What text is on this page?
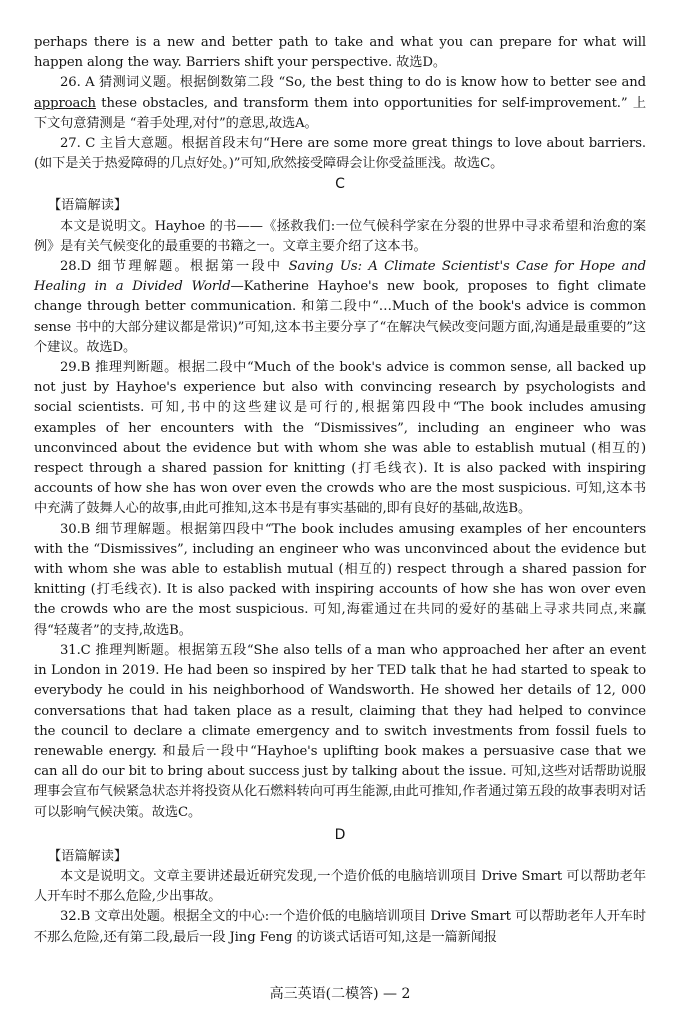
perhaps there is a new and better path to take and what you can prepare for what will happen along the way. Barriers shift your perspective. 故选D。

26. A 猜测词义题。根据倒数第二段 “So, the best thing to do is know how to better see and approach these obstacles, and transform them into opportunities for self-improvement.” 上下文句意猜测是 “着手处理,对付”的意思,故选A。

27. C 主旨大意题。根据首段末句“Here are some more great things to love about barriers.(如下是关于热爱障碍的几点好处。)”可知,欣然接受障碍会让你受益匪浅。故选C。

C
【语篇解读】

本文是说明文。Hayhoe 的书——《拯救我们:一位气候科学家在分裂的世界中寻求希望和治愈的案例》是有关气候变化的最重要的书籍之一。文章主要介绍了这本书。

28.D 细节理解题。根据第一段中 Saving Us: A Climate Scientist's Case for Hope and Healing in a Divided World—Katherine Hayhoe's new book, proposes to fight climate change through better communication. 和第二段中“…Much of the book's advice is common sense 书中的大部分建议都是常识)”可知,这本书主要分享了“在解决气候改变问题方面,沟通是最重要的”这个建议。故选D。

29.B 推理判断题。根据二段中“Much of the book's advice is common sense, all backed up not just by Hayhoe's experience but also with convincing research by psychologists and social scientists. 可知,书中的这些建议是可行的,根据第四段中“The book includes amusing examples of her encounters with the “Dismissives”, including an engineer who was unconvinced about the evidence but with whom she was able to establish mutual (相互的) respect through a shared passion for knitting (打毛线衣). It is also packed with inspiring accounts of how she has won over even the crowds who are the most suspicious. 可知,这本书中充满了鼓舞人心的故事,由此可推知,这本书是有事实基础的,即有良好的基础,故选B。

30.B 细节理解题。根据第四段中“The book includes amusing examples of her encounters with the “Dismissives”, including an engineer who was unconvinced about the evidence but with whom she was able to establish mutual (相互的) respect through a shared passion for knitting (打毛线衣). It is also packed with inspiring accounts of how she has won over even the crowds who are the most suspicious. 可知,海霍通过在共同的爱好的基础上寻求共同点,来赢得“轻蔑者”的支持,故选B。

31.C 推理判断题。根据第五段“She also tells of a man who approached her after an event in London in 2019. He had been so inspired by her TED talk that he had started to speak to everybody he could in his neighborhood of Wandsworth. He showed her details of 12, 000 conversations that had taken place as a result, claiming that they had helped to convince the council to declare a climate emergency and to switch investments from fossil fuels to renewable energy. 和最后一段中“Hayhoe's uplifting book makes a persuasive case that we can all do our bit to bring about success just by talking about the issue. 可知,这些对话帮助说服理事会宣布气候紧急状态并将投资从化石燃料转向可再生能源,由此可推知,作者通过第五段的故事表明对话可以影响气候决策。故选C。

D
【语篇解读】

本文是说明文。文章主要讲述最近研究发现,一个造价低的电脑培训项目 Drive Smart 可以帮助老年人开车时不那么危险,少出事故。

32.B 文章出处题。根据全文的中心:一个造价低的电脑培训项目 Drive Smart 可以帮助老年人开车时不那么危险,还有第二段,最后一段 Jing Feng 的访谈式话语可知,这是一篇新闻报

高三英语(二模答) — 2
